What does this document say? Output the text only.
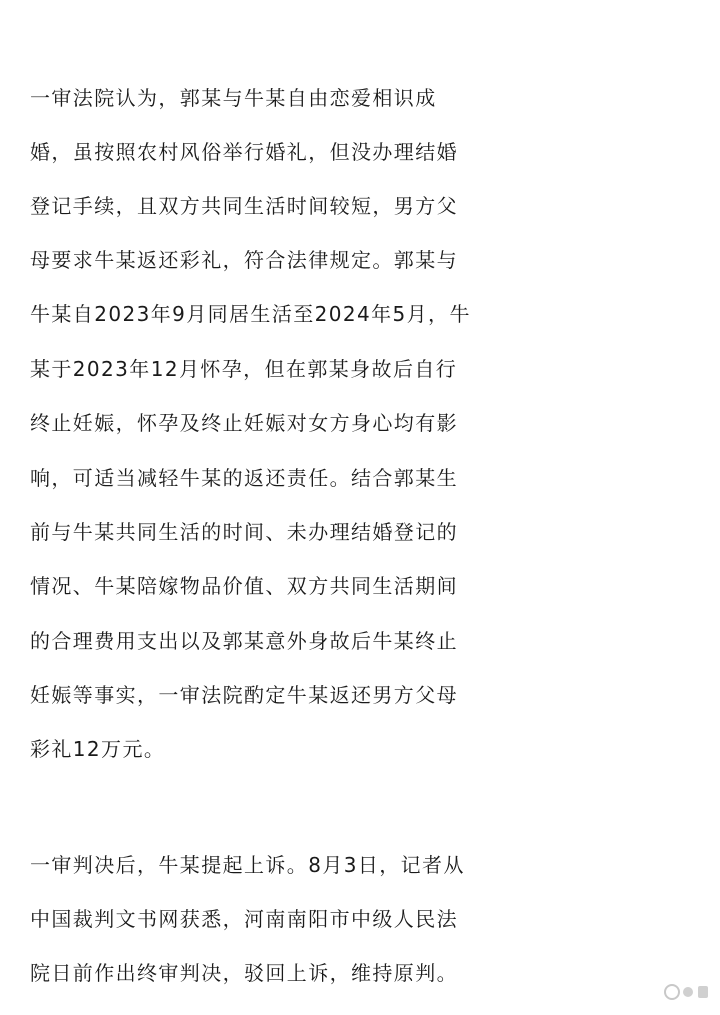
一审法院认为，郭某与牛某自由恋爱相识成
婚，虽按照农村风俗举行婚礼，但没办理结婚
登记手续，且双方共同生活时间较短，男方父
母要求牛某返还彩礼，符合法律规定。郭某与
牛某自2023年9月同居生活至2024年5月，牛
某于2023年12月怀孕，但在郭某身故后自行
终止妊娠，怀孕及终止妊娠对女方身心均有影
响，可适当减轻牛某的返还责任。结合郭某生
前与牛某共同生活的时间、未办理结婚登记的
情况、牛某陪嫁物品价值、双方共同生活期间
的合理费用支出以及郭某意外身故后牛某终止
妊娠等事实，一审法院酌定牛某返还男方父母
彩礼12万元。
一审判决后，牛某提起上诉。8月3日，记者从
中国裁判文书网获悉，河南南阳市中级人民法
院日前作出终审判决，驳回上诉，维持原判。
